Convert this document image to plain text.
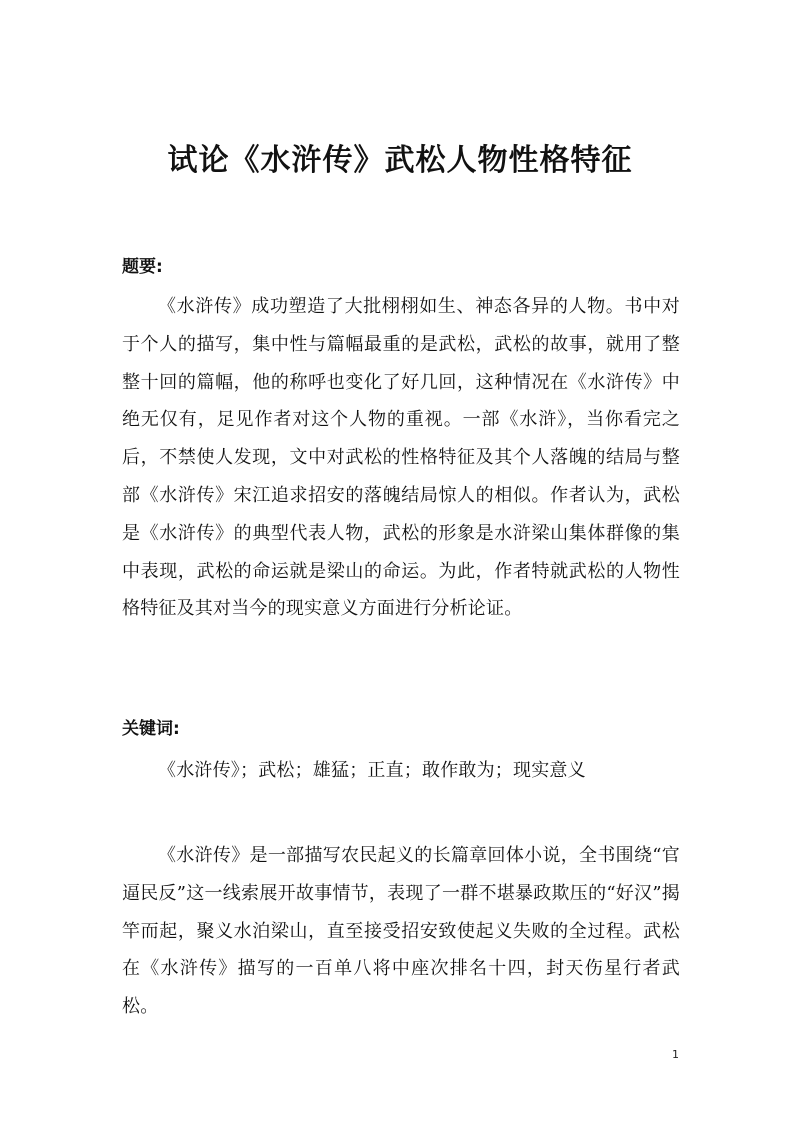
试论《水浒传》武松人物性格特征
题要:

《水浒传》成功塑造了大批栩栩如生、神态各异的人物。书中对于个人的描写，集中性与篇幅最重的是武松，武松的故事，就用了整整十回的篇幅，他的称呼也变化了好几回，这种情况在《水浒传》中绝无仅有，足见作者对这个人物的重视。一部《水浒》，当你看完之后，不禁使人发现，文中对武松的性格特征及其个人落魄的结局与整部《水浒传》宋江追求招安的落魄结局惊人的相似。作者认为，武松是《水浒传》的典型代表人物，武松的形象是水浒梁山集体群像的集中表现，武松的命运就是梁山的命运。为此，作者特就武松的人物性格特征及其对当今的现实意义方面进行分析论证。

关键词:

《水浒传》；武松；雄猛；正直；敢作敢为；现实意义

《水浒传》是一部描写农民起义的长篇章回体小说，全书围绕“官逼民反”这一线索展开故事情节，表现了一群不堪暴政欺压的“好汉”揭竿而起，聚义水泊梁山，直至接受招安致使起义失败的全过程。武松在《水浒传》描写的一百单八将中座次排名十四，封天伤星行者武松。

1
